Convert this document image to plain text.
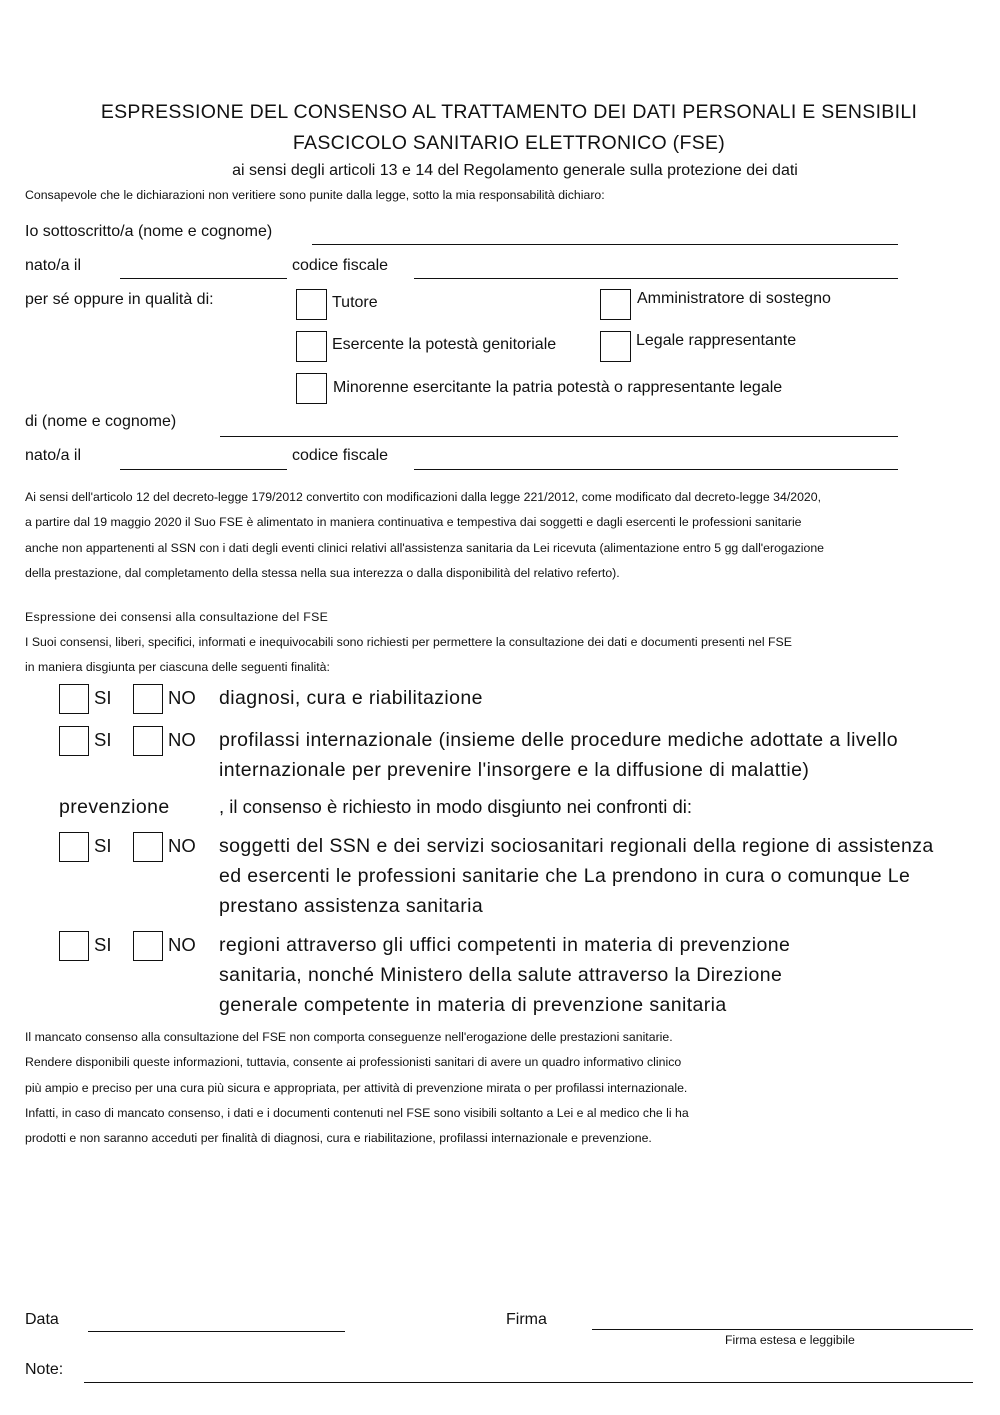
ESPRESSIONE DEL CONSENSO AL TRATTAMENTO DEI DATI PERSONALI E SENSIBILI
FASCICOLO SANITARIO ELETTRONICO (FSE)
ai sensi degli articoli 13 e 14 del Regolamento generale sulla protezione dei dati
Consapevole che le dichiarazioni non veritiere sono punite dalla legge, sotto la mia responsabilità dichiaro:
Io sottoscritto/a (nome e cognome)
nato/a il	codice fiscale
per sé oppure in qualità di:	Tutore	Amministratore di sostegno
Esercente la potestà genitoriale	Legale rappresentante
Minorenne esercitante la patria potestà o rappresentante legale
di (nome e cognome)
nato/a il	codice fiscale
Ai sensi dell'articolo 12 del decreto-legge 179/2012 convertito con modificazioni dalla legge 221/2012, come modificato dal decreto-legge 34/2020,
a partire dal 19 maggio 2020 il Suo FSE è alimentato in maniera continuativa e tempestiva dai soggetti e dagli esercenti le professioni sanitarie
anche non appartenenti al SSN con i dati degli eventi clinici relativi all'assistenza sanitaria da Lei ricevuta (alimentazione entro 5 gg dall'erogazione
della prestazione, dal completamento della stessa nella sua interezza o dalla disponibilità del relativo referto).
Espressione dei consensi alla consultazione del FSE
I Suoi consensi, liberi, specifici, informati e inequivocabili sono richiesti per permettere la consultazione dei dati e documenti presenti nel FSE
in maniera disgiunta per ciascuna delle seguenti finalità:
SI	NO diagnosi, cura e riabilitazione
SI	NO profilassi internazionale (insieme delle procedure mediche adottate a livello
internazionale per prevenire l'insorgere e la diffusione di malattie)
prevenzione	, il consenso è richiesto in modo disgiunto nei confronti di:
SI	NO soggetti del SSN e dei servizi sociosanitari regionali della regione di assistenza
ed esercenti le professioni sanitarie che La prendono in cura o comunque Le
prestano assistenza sanitaria
SI	NO regioni attraverso gli uffici competenti in materia di prevenzione
sanitaria, nonché Ministero della salute attraverso la Direzione
generale competente in materia di prevenzione sanitaria
Il mancato consenso alla consultazione del FSE non comporta conseguenze nell'erogazione delle prestazioni sanitarie.
Rendere disponibili queste informazioni, tuttavia, consente ai professionisti sanitari di avere un quadro informativo clinico
più ampio e preciso per una cura più sicura e appropriata, per attività di prevenzione mirata o per profilassi internazionale.
Infatti, in caso di mancato consenso, i dati e i documenti contenuti nel FSE sono visibili soltanto a Lei e al medico che li ha
prodotti e non saranno acceduti per finalità di diagnosi, cura e riabilitazione, profilassi internazionale e prevenzione.
Data	Firma
Firma estesa e leggibile
Note:
